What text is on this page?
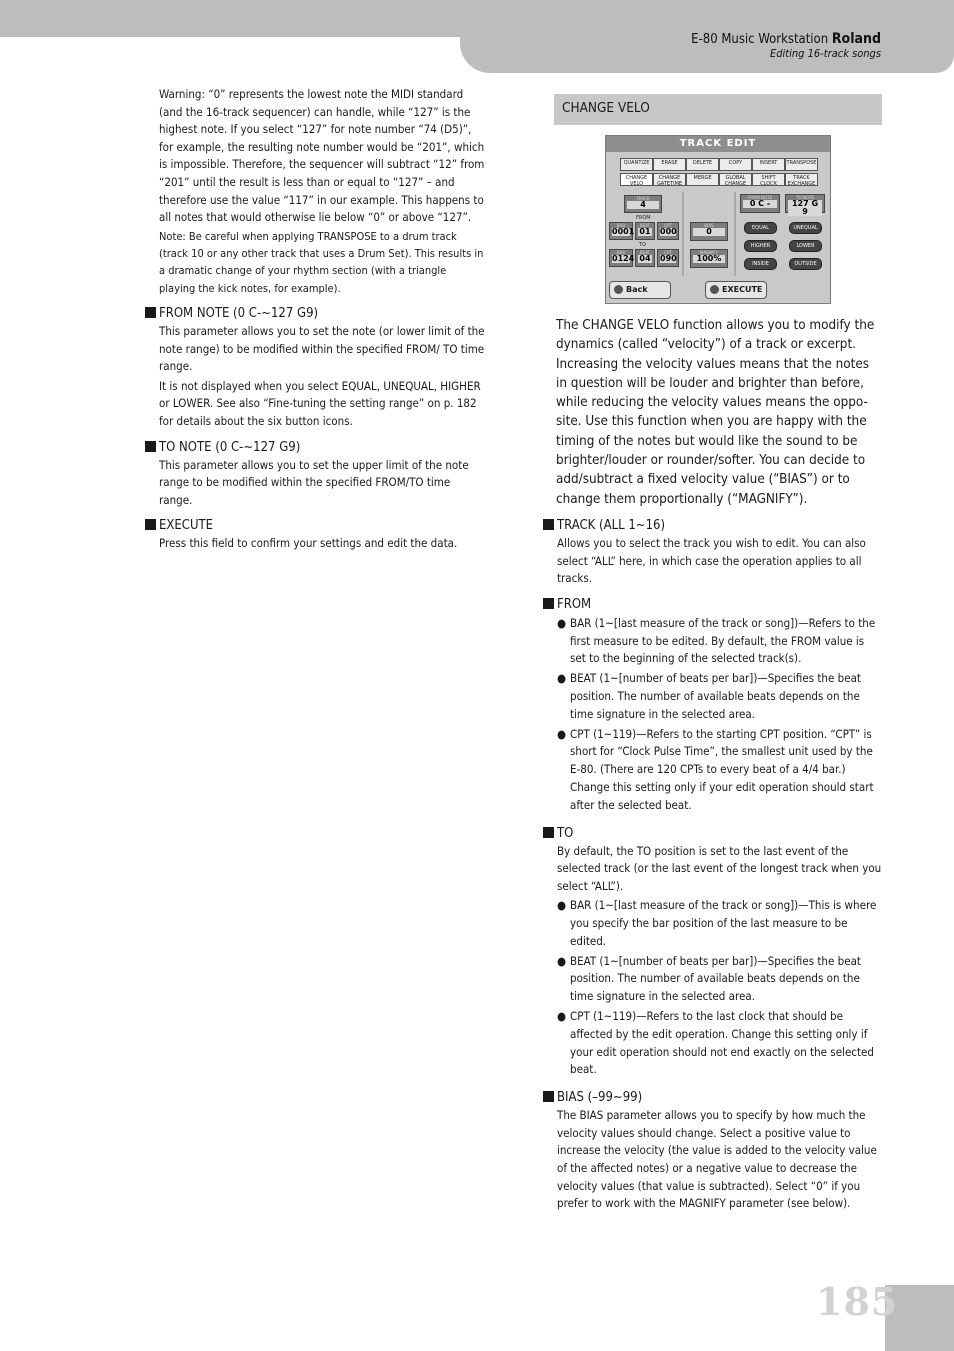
E-80 Music Workstation Roland
Editing 16-track songs

Warning: “0” represents the lowest note the MIDI standard (and the 16-track sequencer) can handle, while “127” is the highest note. If you select “127” for note number “74 (D5)”, for example, the resulting note number would be “201”, which is impossible. Therefore, the sequencer will subtract “12” from “201” until the result is less than or equal to “127” – and therefore use the value “117” in our example. This happens to all notes that would otherwise lie below “0” or above “127”.

Note: Be careful when applying TRANSPOSE to a drum track (track 10 or any other track that uses a Drum Set). This results in a dramatic change of your rhythm section (with a triangle playing the kick notes, for example).

FROM NOTE (0 C-~127 G9)

This parameter allows you to set the note (or lower limit of the note range) to be modified within the specified FROM/ TO time range.

It is not displayed when you select EQUAL, UNEQUAL, HIGHER or LOWER. See also “Fine-tuning the setting range” on p. 182 for details about the six button icons.

TO NOTE (0 C-~127 G9)

This parameter allows you to set the upper limit of the note range to be modified within the specified FROM/TO time range.

EXECUTE

Press this field to confirm your settings and edit the data.

CHANGE VELO
TRACK EDIT
QUANTIZE	ERASE	DELETE	COPY	INSERT	TRANSPOSE
CHANGE VELO
CHANGE GATETIME
MERGE	GLOBAL CHANGE
SHIFT CLOCK
TRACK EXCHANGE
TRACK
4
FROM
BAR
0001
BEAT
01
CPT
000
TO
BAR
0124
BEAT
04
CPT
090
BIAS
0
MAGNIFY
100%
FROM NOTE
0 C -
TO NOTE
127 G 9
EQUAL	UNEQUAL
HIGHER	LOWER
INSIDE	OUTSIDE
Back	EXECUTE

The CHANGE VELO function allows you to modify the dynamics (called “velocity”) of a track or excerpt. Increasing the velocity values means that the notes in question will be louder and brighter than before, while reducing the velocity values means the oppo- site. Use this function when you are happy with the timing of the notes but would like the sound to be brighter/louder or rounder/softer. You can decide to add/subtract a fixed velocity value (“BIAS”) or to change them proportionally (“MAGNIFY”).

TRACK (ALL 1~16)

Allows you to select the track you wish to edit. You can also select “ALL” here, in which case the operation applies to all tracks.

FROM

● BAR (1~[last measure of the track or song])—Refers to the first measure to be edited. By default, the FROM value is set to the beginning of the selected track(s).

● BEAT (1~[number of beats per bar])—Specifies the beat position. The number of available beats depends on the time signature in the selected area.

● CPT (1~119)—Refers to the starting CPT position. “CPT” is short for “Clock Pulse Time”, the smallest unit used by the E-80. (There are 120 CPTs to every beat of a 4/4 bar.) Change this setting only if your edit operation should start after the selected beat.

TO

By default, the TO position is set to the last event of the selected track (or the last event of the longest track when you select “ALL”).

● BAR (1~[last measure of the track or song])—This is where you specify the bar position of the last measure to be edited.

● BEAT (1~[number of beats per bar])—Specifies the beat position. The number of available beats depends on the time signature in the selected area.

● CPT (1~119)—Refers to the last clock that should be affected by the edit operation. Change this setting only if your edit operation should not end exactly on the selected beat.

BIAS (–99~99)

The BIAS parameter allows you to specify by how much the velocity values should change. Select a positive value to increase the velocity (the value is added to the velocity value of the affected notes) or a negative value to decrease the velocity values (that value is subtracted). Select “0” if you prefer to work with the MAGNIFY parameter (see below).

185
